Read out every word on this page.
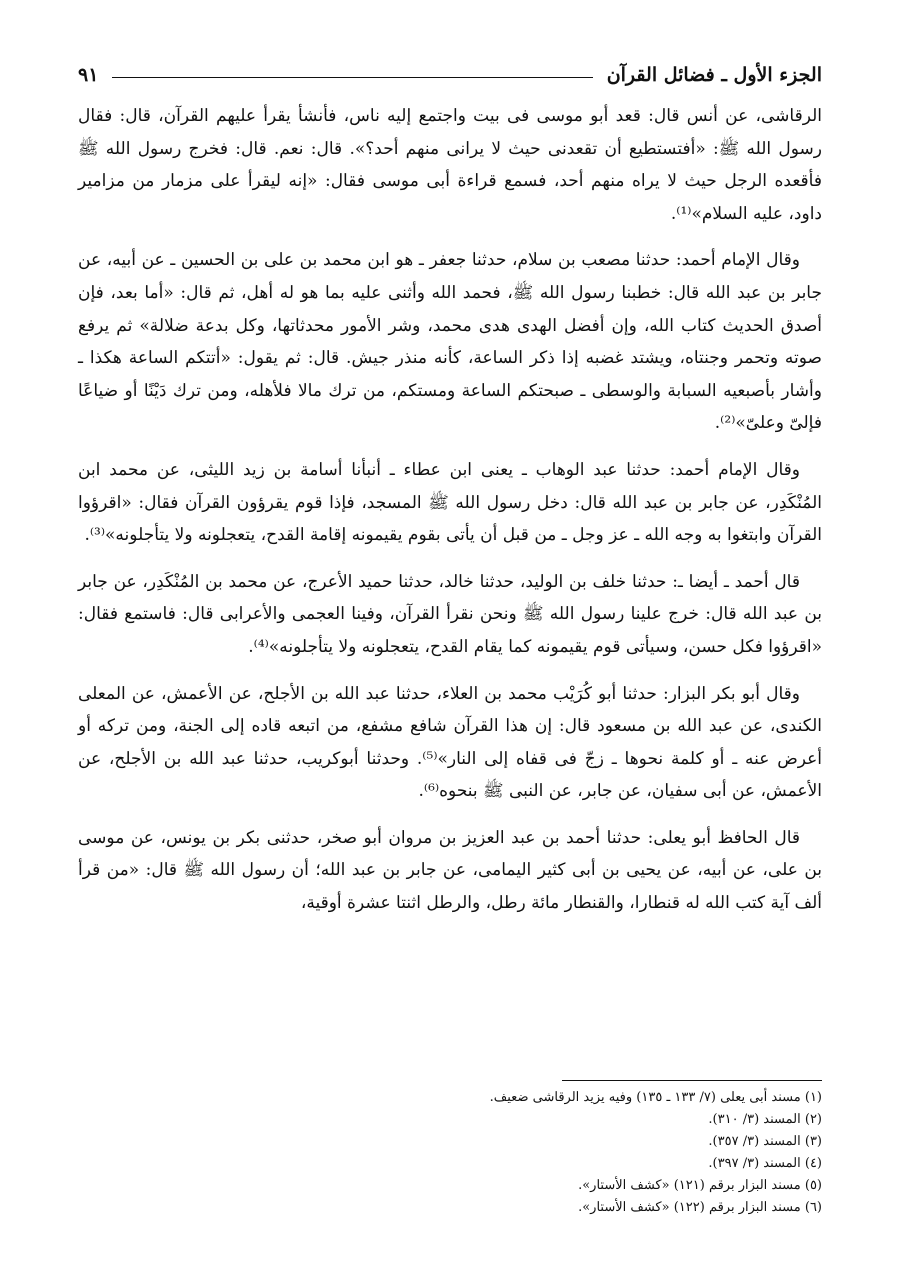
الجزء الأول ـ فضائل القرآن
٩١

الرقاشى، عن أنس قال: قعد أبو موسى فى بيت واجتمع إليه ناس، فأنشأ يقرأ عليهم القرآن، قال: فقال رسول الله ﷺ: «أفتستطيع أن تقعدنى حيث لا يرانى منهم أحد؟». قال: نعم. قال: فخرج رسول الله ﷺ فأقعده الرجل حيث لا يراه منهم أحد، فسمع قراءة أبى موسى فقال: «إنه ليقرأ على مزمار من مزامير داود، عليه السلام»⁽¹⁾.

وقال الإمام أحمد: حدثنا مصعب بن سلام، حدثنا جعفر ـ هو ابن محمد بن على بن الحسين ـ عن أبيه، عن جابر بن عبد الله قال: خطبنا رسول الله ﷺ، فحمد الله وأثنى عليه بما هو له أهل، ثم قال: «أما بعد، فإن أصدق الحديث كتاب الله، وإن أفضل الهدى هدى محمد، وشر الأمور محدثاتها، وكل بدعة ضلالة» ثم يرفع صوته وتحمر وجنتاه، ويشتد غضبه إذا ذكر الساعة، كأنه منذر جيش. قال: ثم يقول: «أتتكم الساعة هكذا ـ وأشار بأصبعيه السبابة والوسطى ـ صبحتكم الساعة ومستكم، من ترك مالا فلأهله، ومن ترك دَيْنًا أو ضياعًا فإلىّ وعلىّ»⁽²⁾.

وقال الإمام أحمد: حدثنا عبد الوهاب ـ يعنى ابن عطاء ـ أنبأنا أسامة بن زيد الليثى، عن محمد ابن المُنْكَدِر، عن جابر بن عبد الله قال: دخل رسول الله ﷺ المسجد، فإذا قوم يقرؤون القرآن فقال: «اقرؤوا القرآن وابتغوا به وجه الله ـ عز وجل ـ من قبل أن يأتى بقوم يقيمونه إقامة القدح، يتعجلونه ولا يتأجلونه»⁽³⁾.

قال أحمد ـ أيضا ـ: حدثنا خلف بن الوليد، حدثنا خالد، حدثنا حميد الأعرج، عن محمد بن المُنْكَدِر، عن جابر بن عبد الله قال: خرج علينا رسول الله ﷺ ونحن نقرأ القرآن، وفينا العجمى والأعرابى قال: فاستمع فقال: «اقرؤوا فكل حسن، وسيأتى قوم يقيمونه كما يقام القدح، يتعجلونه ولا يتأجلونه»⁽⁴⁾.

وقال أبو بكر البزار: حدثنا أبو كُرَيْب محمد بن العلاء، حدثنا عبد الله بن الأجلح، عن الأعمش، عن المعلى الكندى، عن عبد الله بن مسعود قال: إن هذا القرآن شافع مشفع، من اتبعه قاده إلى الجنة، ومن تركه أو أعرض عنه ـ أو كلمة نحوها ـ زجّ فى قفاه إلى النار»⁽⁵⁾. وحدثنا أبوكريب، حدثنا عبد الله بن الأجلح، عن الأعمش، عن أبى سفيان، عن جابر، عن النبى ﷺ بنحوه⁽⁶⁾.

قال الحافظ أبو يعلى: حدثنا أحمد بن عبد العزيز بن مروان أبو صخر، حدثنى بكر بن يونس، عن موسى بن على، عن أبيه، عن يحيى بن أبى كثير اليمامى، عن جابر بن عبد الله؛ أن رسول الله ﷺ قال: «من قرأ ألف آية كتب الله له قنطارا، والقنطار مائة رطل، والرطل اثنتا عشرة أوقية،

(١) مسند أبى يعلى (٧/ ١٣٣ ـ ١٣٥) وفيه يزيد الرقاشى ضعيف.

(٢) المسند (٣/ ٣١٠).

(٣) المسند (٣/ ٣٥٧).

(٤) المسند (٣/ ٣٩٧).

(٥) مسند البزار برقم (١٢١) «كشف الأستار».

(٦) مسند البزار برقم (١٢٢) «كشف الأستار».
